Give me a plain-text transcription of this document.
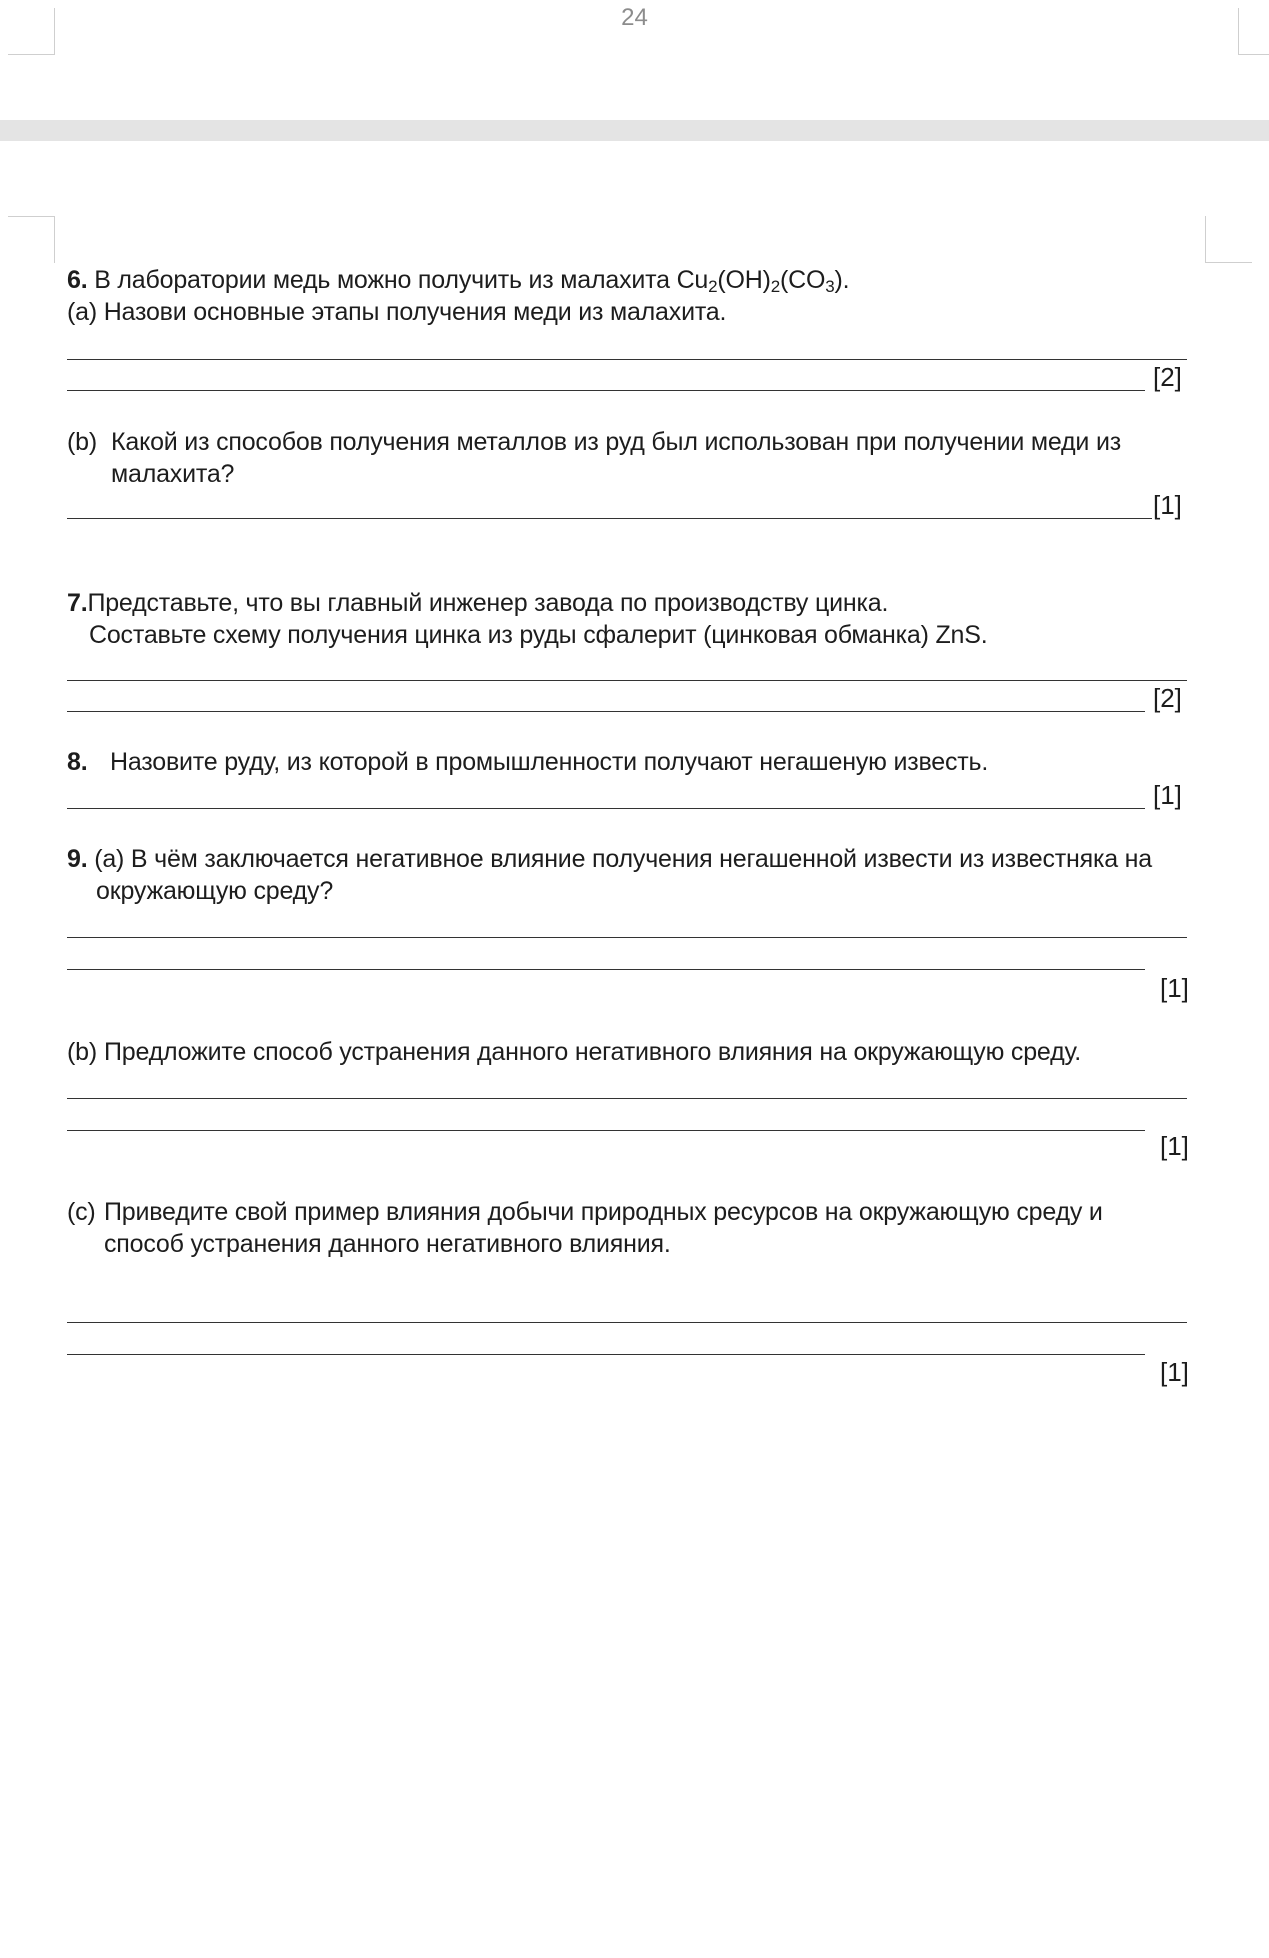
24
6. В лаборатории медь можно получить из малахита $Cu_2(OH)_2(CO_3)$.
(a) Назови основные этапы получения меди из малахита.
[2]
(b) Какой из способов получения металлов из руд был использован при получении меди из
малахита?
[1]
7.Представьте, что вы главный инженер завода по производству цинка.
Составьте схему получения цинка из руды сфалерит (цинковая обманка) ZnS.
[2]
8. Назовите руду, из которой в промышленности получают негашеную известь.
[1]
9. (a) В чём заключается негативное влияние получения негашенной извести из известняка на
окружающую среду?
[1]
(b) Предложите способ устранения данного негативного влияния на окружающую среду.
[1]
(c) Приведите свой пример влияния добычи природных ресурсов на окружающую среду и
способ устранения данного негативного влияния.
[1]
